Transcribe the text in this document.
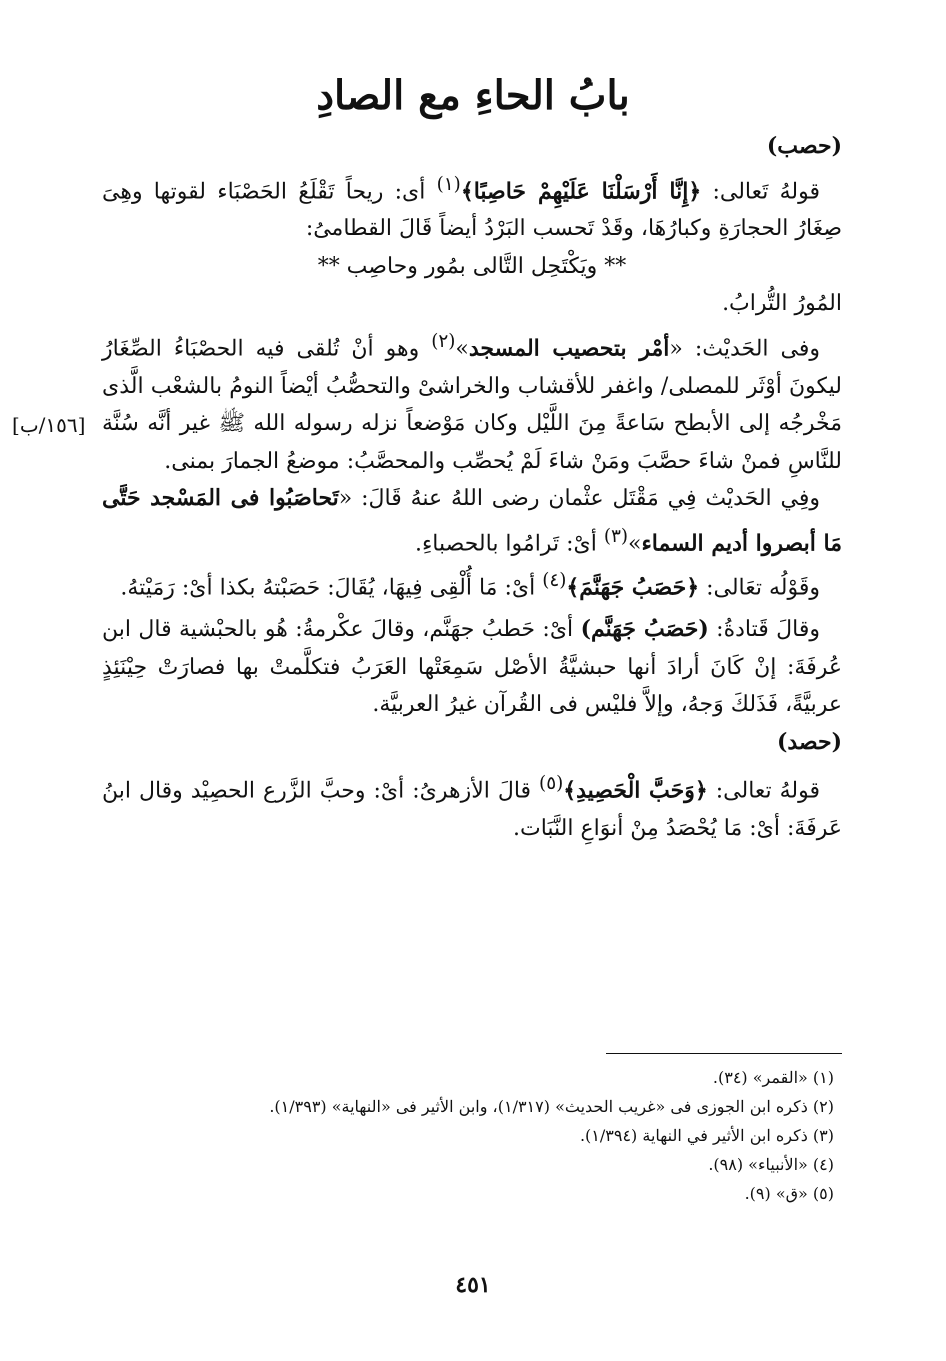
بابُ الحاءِ مع الصادِ

(حصب)

قولهُ تَعالى: ﴿إِنَّا أَرْسَلْنَا عَلَيْهِمْ حَاصِبًا﴾$^{(١)}$ أى: ريحاً تَقْلَعُ الحَصْبَاء لقوتها وهِىَ صِغَارُ الحجارَةِ وكبارُهَا، وقَدْ تَحسب البَرْدُ أيضاً قَالَ القطامىُ:

** ويَكْتَحِل التَّالى بمُور وحاصِب **

المُورُ التُّرابُ.

وفى الحَديْث: «أمْر بتحصيب المسجد»$^{(٢)}$ وهو أنْ تُلقى فيه الحصْبَاءُ الصِّغَارُ ليكونَ أوْثَر للمصلى/ واغفر للأقشاب والخراشىْ والتحصُّبُ أيْضاً النومُ بالشعْب الَّذى مَخْرجُه إلى الأبطح سَاعةً مِنَ اللَّيْل وكان مَوْضعاً نزله رسوله الله ﷺ غير أنَّه سُنَّة للنَّاسِ فمنْ شاءَ حصَّبَ ومَنْ شاءَ لَمْ يُحصِّب والمحصَّبُ: موضعُ الجمارَ بمنى.

وفِي الحَديْث فِي مَقْتَل عثْمان رضى اللهُ عنهُ قَالَ: «تَحاصَبُوا فى المَسْجد حَتَّى مَا أبصروا أديم السماء»$^{(٣)}$ أىْ: تَرامُوا بالحصباءِ.

وقَوْلُه تعَالى: ﴿حَصَبُ جَهَنَّمَ﴾$^{(٤)}$ أىْ: مَا أُلْقِى فِيهَا، يُقَالَ: حَصَبْتهُ بكذا أىْ: رَمَيْتهُ.

وقالَ قَتادةُ: (حَصَبُ جَهَنَّم) أىْ: حَطبُ جهَنَّم، وقالَ عكْرمةُ: هُو بالحبْشية قال ابن عُرفَةَ: إنْ كَانَ أرادَ أنها حبشيَّةُ الأصْل سَمِعَتْها العَرَبُ فتكلَّمتْ بها فصارَتْ حِيْنَئِذٍ عربيَّةً، فَذَلكَ وَجهُ، وإلاَّ فليْس فى القُرآن غيرُ العربيَّة.

(حصد)

قولهُ تعالى: ﴿وَحَبَّ الْحَصِيدِ﴾$^{(٥)}$ قالَ الأزهرىُ: أىْ: وحبَّ الزَّرع الحصِيْد وقال ابنُ عَرفَةَ: أىْ: مَا يُحْصَدُ مِنْ أنوَاعِ النَّبَات.

[١٥٦/ب]

(١) «القمر» (٣٤).

(٢) ذكره ابن الجوزى فى «غريب الحديث» (١/٣١٧)، وابن الأثير فى «النهاية» (١/٣٩٣).

(٣) ذكره ابن الأثير في النهاية (١/٣٩٤).

(٤) «الأنبياء» (٩٨).

(٥) «ق» (٩).

٤٥١
